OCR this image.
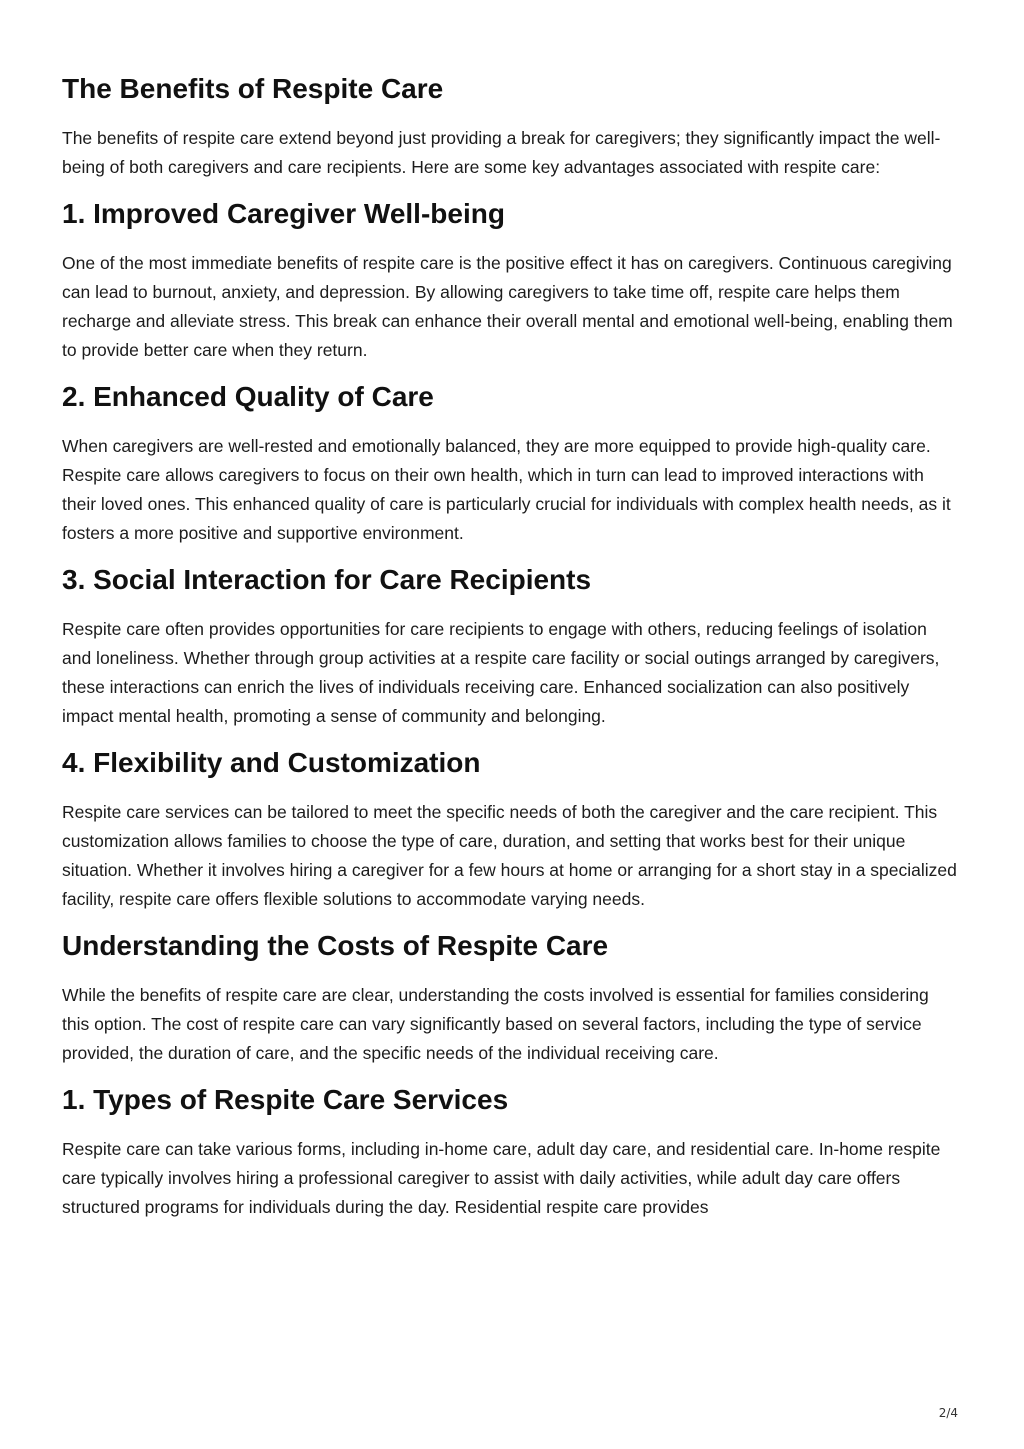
The Benefits of Respite Care

The benefits of respite care extend beyond just providing a break for caregivers; they significantly impact the well-being of both caregivers and care recipients. Here are some key advantages associated with respite care:

1. Improved Caregiver Well-being

One of the most immediate benefits of respite care is the positive effect it has on caregivers. Continuous caregiving can lead to burnout, anxiety, and depression. By allowing caregivers to take time off, respite care helps them recharge and alleviate stress. This break can enhance their overall mental and emotional well-being, enabling them to provide better care when they return.

2. Enhanced Quality of Care

When caregivers are well-rested and emotionally balanced, they are more equipped to provide high-quality care. Respite care allows caregivers to focus on their own health, which in turn can lead to improved interactions with their loved ones. This enhanced quality of care is particularly crucial for individuals with complex health needs, as it fosters a more positive and supportive environment.

3. Social Interaction for Care Recipients

Respite care often provides opportunities for care recipients to engage with others, reducing feelings of isolation and loneliness. Whether through group activities at a respite care facility or social outings arranged by caregivers, these interactions can enrich the lives of individuals receiving care. Enhanced socialization can also positively impact mental health, promoting a sense of community and belonging.

4. Flexibility and Customization

Respite care services can be tailored to meet the specific needs of both the caregiver and the care recipient. This customization allows families to choose the type of care, duration, and setting that works best for their unique situation. Whether it involves hiring a caregiver for a few hours at home or arranging for a short stay in a specialized facility, respite care offers flexible solutions to accommodate varying needs.

Understanding the Costs of Respite Care

While the benefits of respite care are clear, understanding the costs involved is essential for families considering this option. The cost of respite care can vary significantly based on several factors, including the type of service provided, the duration of care, and the specific needs of the individual receiving care.

1. Types of Respite Care Services

Respite care can take various forms, including in-home care, adult day care, and residential care. In-home respite care typically involves hiring a professional caregiver to assist with daily activities, while adult day care offers structured programs for individuals during the day. Residential respite care provides

2/4
